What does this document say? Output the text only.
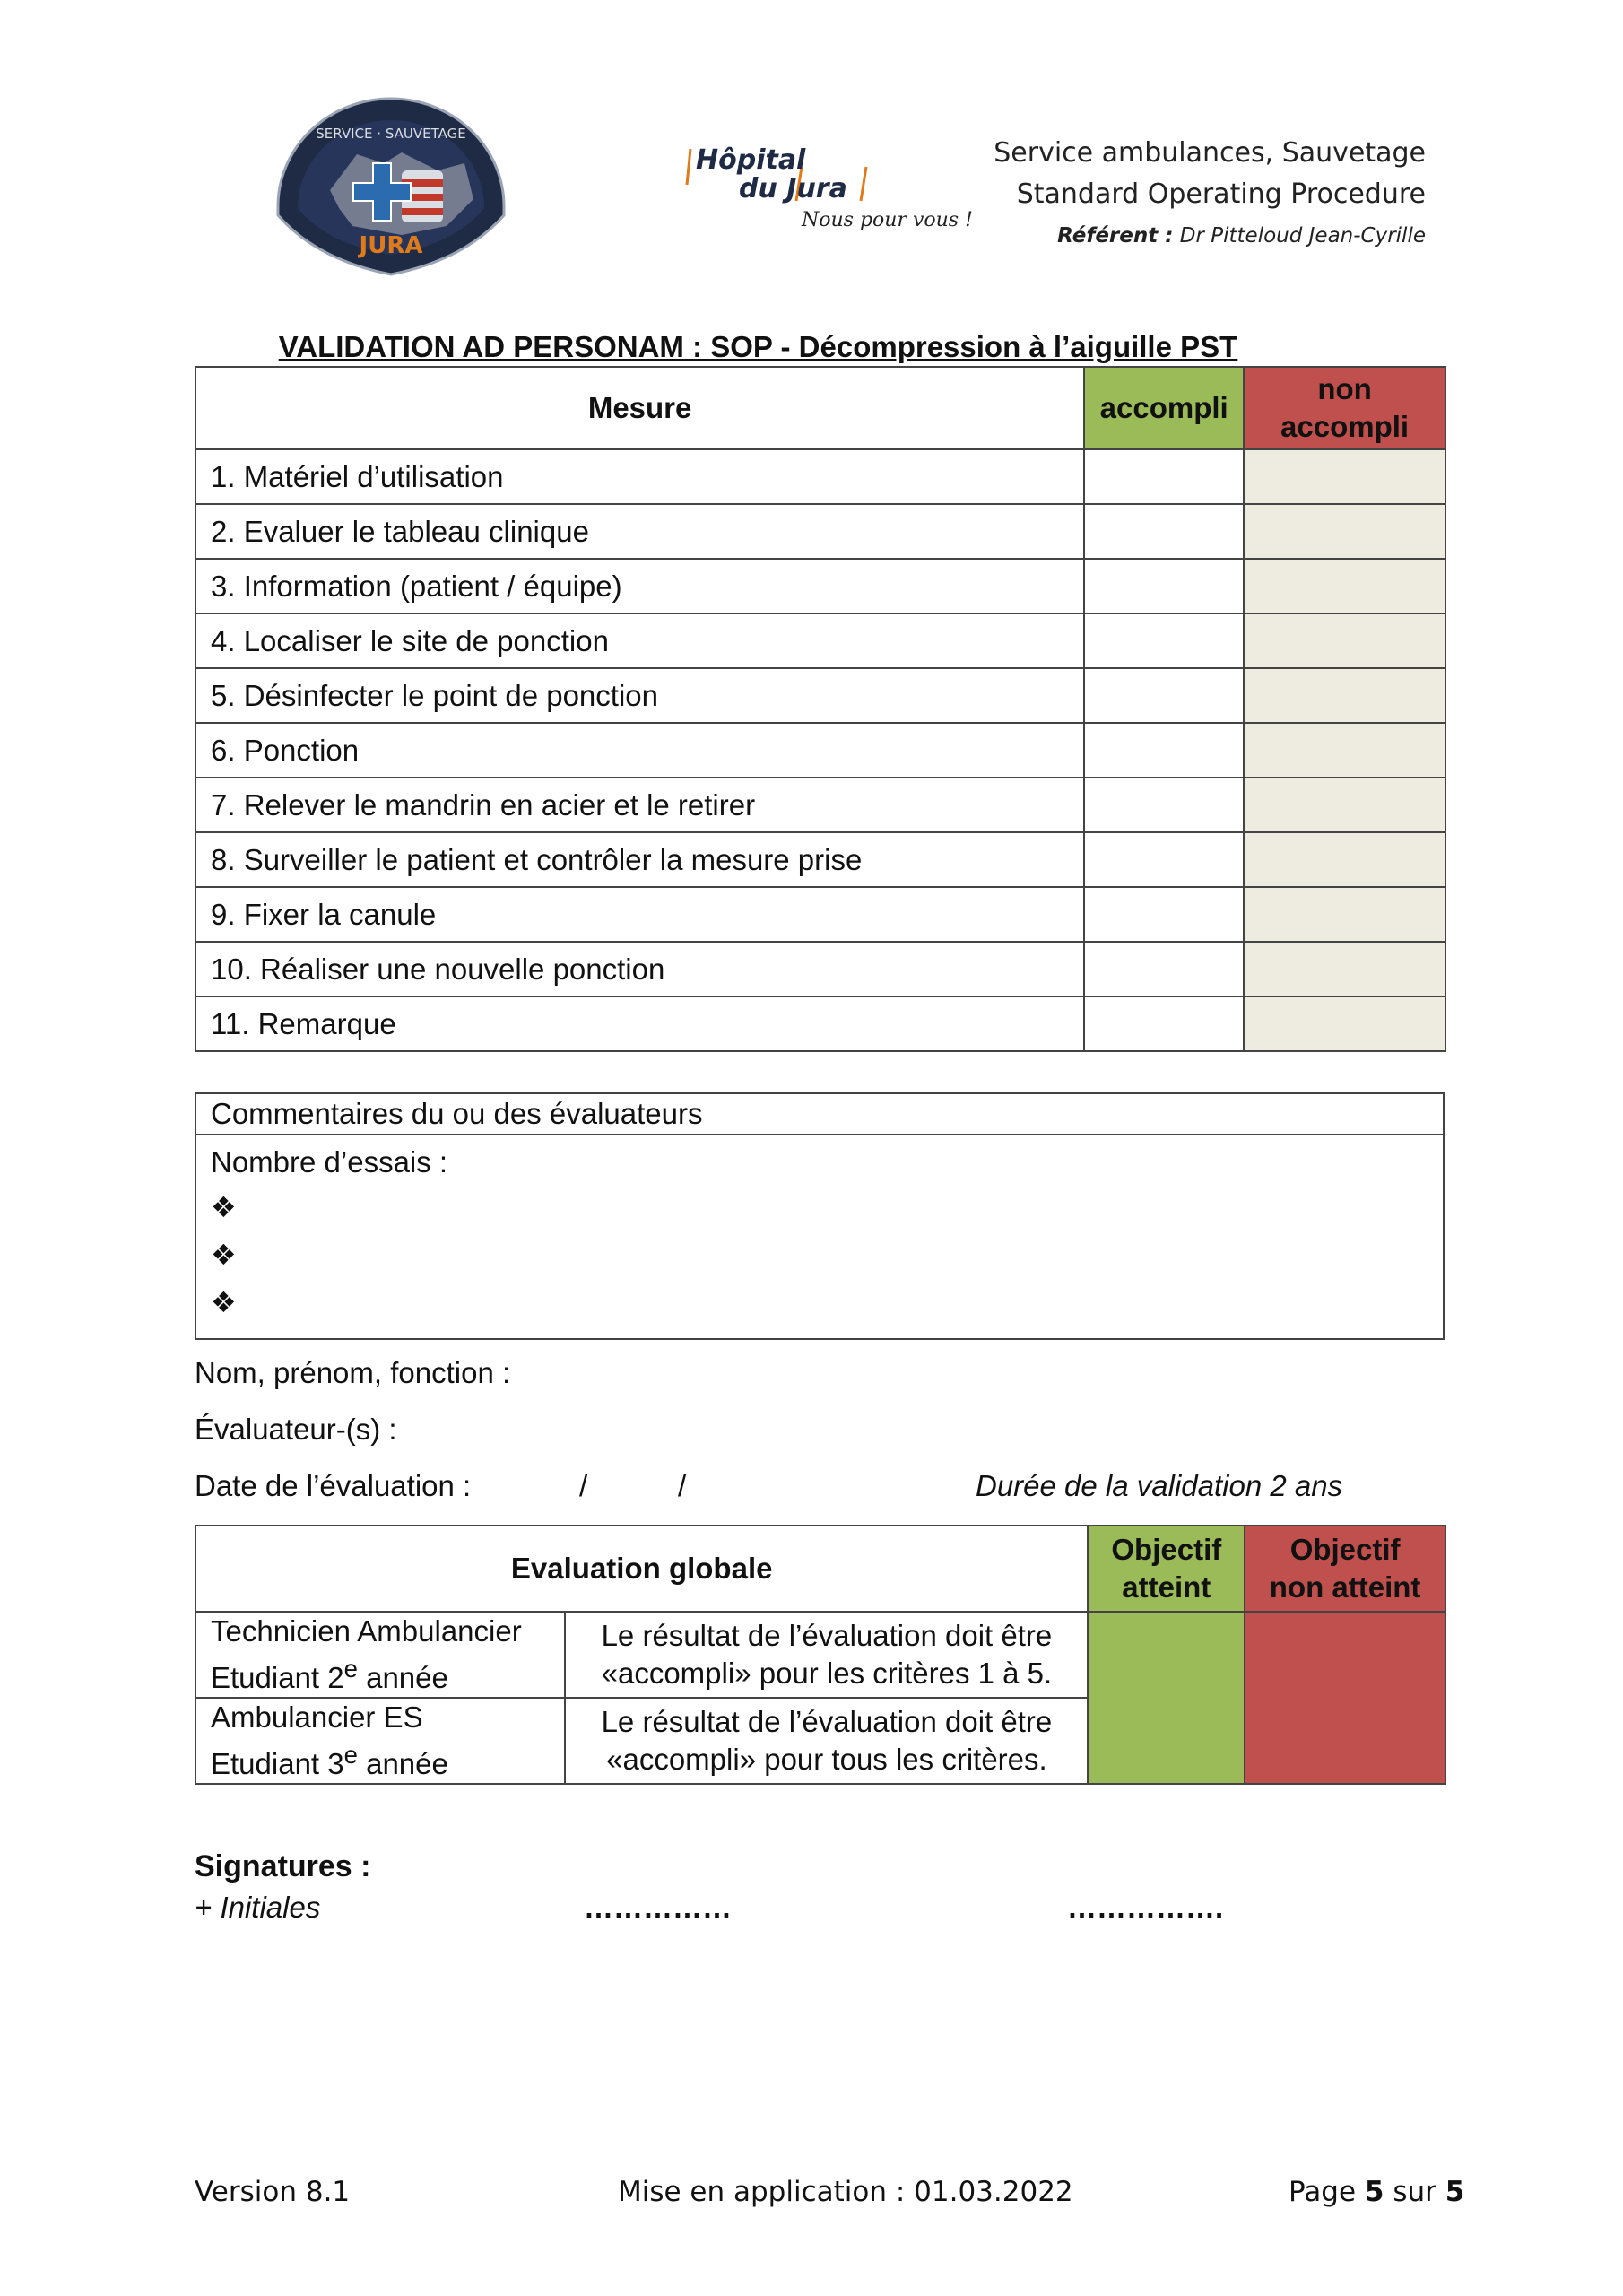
SERVICE · SAUVETAGE
JURA
Hôpital
du Jura
Nous pour vous !
Service ambulances, Sauvetage
Standard Operating Procedure
Référent : Dr Pitteloud Jean-Cyrille
VALIDATION AD PERSONAM : SOP - Décompression à l’aiguille PST
Mesure	accompli	non
accompli
1. Matériel d’utilisation		
2. Evaluer le tableau clinique		
3. Information (patient / équipe)		
4. Localiser le site de ponction		
5. Désinfecter le point de ponction		
6. Ponction		
7. Relever le mandrin en acier et le retirer		
8. Surveiller le patient et contrôler la mesure prise		
9. Fixer la canule		
10. Réaliser une nouvelle ponction		
11. Remarque		
Commentaires du ou des évaluateurs
Nombre d’essais :
❖
❖
❖
Nom, prénom, fonction :
Évaluateur-(s) :
Date de l’évaluation :	/	/	Durée de la validation 2 ans
Evaluation globale		Objectif
atteint	Objectif
non atteint
Technicien Ambulancier
Etudiant 2e année	Le résultat de l’évaluation doit être
«accompli» pour les critères 1 à 5.		
Ambulancier ES
Etudiant 3e année	Le résultat de l’évaluation doit être
«accompli» pour tous les critères.		
Signatures :
+ Initiales	……………	…………….
Version 8.1	Mise en application : 01.03.2022	Page 5 sur 5
